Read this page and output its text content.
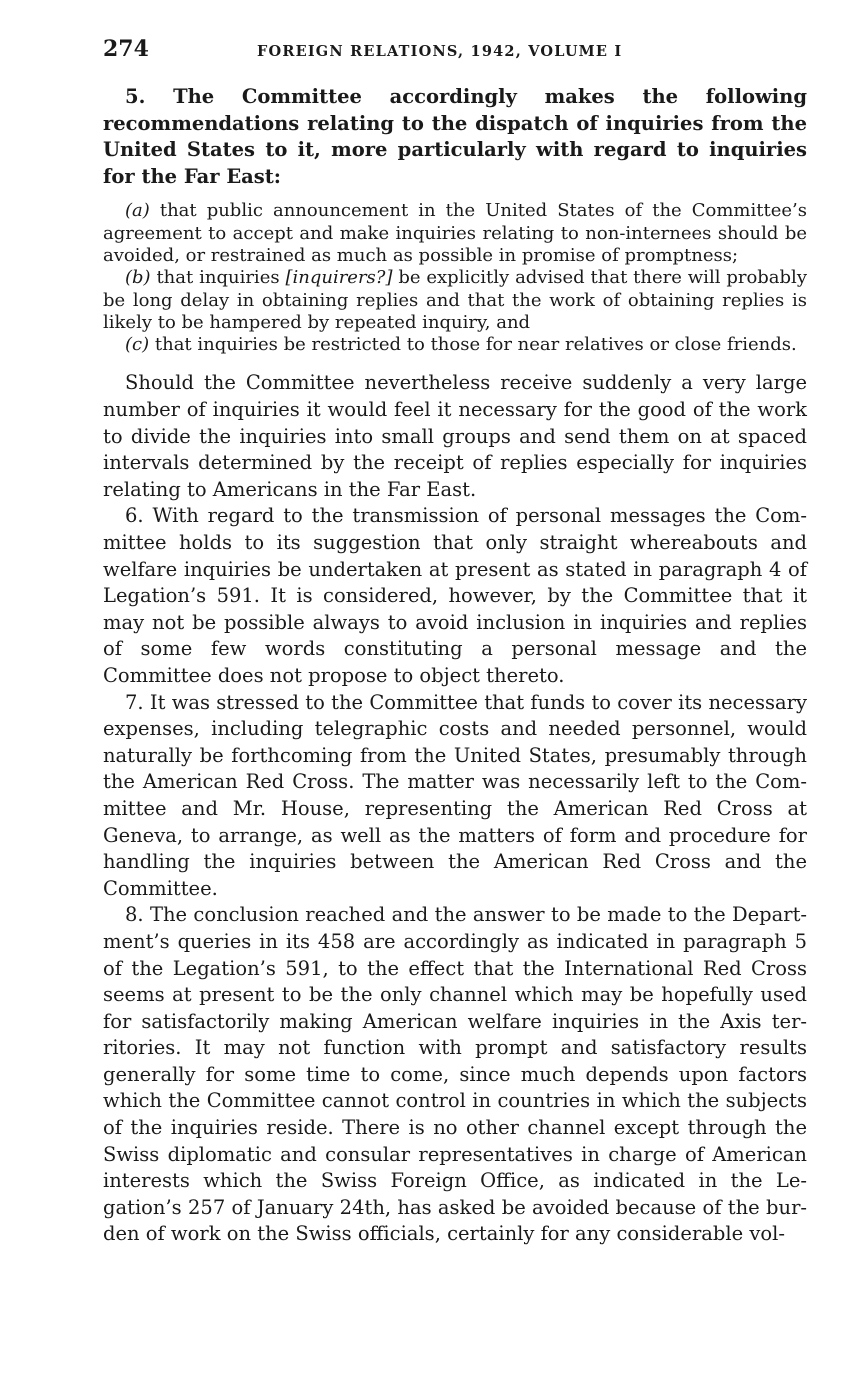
274	FOREIGN RELATIONS, 1942, VOLUME I

5. The Committee accordingly makes the following recommendations relating to the dispatch of inquiries from the United States to it, more particularly with regard to inquiries for the Far East:

(a) that public announcement in the United States of the Committee’s agreement to accept and make inquiries relating to non-internees should be avoided, or restrained as much as possible in promise of promptness;

(b) that inquiries [inquirers?] be explicitly advised that there will probably be long delay in obtaining replies and that the work of obtaining replies is likely to be hampered by repeated inquiry, and

(c) that inquiries be restricted to those for near relatives or close friends.

Should the Committee nevertheless receive suddenly a very large number of inquiries it would feel it necessary for the good of the work to divide the inquiries into small groups and send them on at spaced intervals determined by the receipt of replies especially for inquiries relating to Americans in the Far East.

6. With regard to the transmission of personal messages the Committee holds to its suggestion that only straight whereabouts and welfare inquiries be undertaken at present as stated in paragraph 4 of Legation’s 591. It is considered, however, by the Committee that it may not be possible always to avoid inclusion in inquiries and replies of some few words constituting a personal message and the Committee does not propose to object thereto.

7. It was stressed to the Committee that funds to cover its necessary expenses, including telegraphic costs and needed personnel, would naturally be forthcoming from the United States, presumably through the American Red Cross. The matter was necessarily left to the Committee and Mr. House, representing the American Red Cross at Geneva, to arrange, as well as the matters of form and procedure for handling the inquiries between the American Red Cross and the Committee.

8. The conclusion reached and the answer to be made to the Department’s queries in its 458 are accordingly as indicated in paragraph 5 of the Legation’s 591, to the effect that the International Red Cross seems at present to be the only channel which may be hopefully used for satisfactorily making American welfare inquiries in the Axis territories. It may not function with prompt and satisfactory results generally for some time to come, since much depends upon factors which the Committee cannot control in countries in which the subjects of the inquiries reside. There is no other channel except through the Swiss diplomatic and consular representatives in charge of American interests which the Swiss Foreign Office, as indicated in the Legation’s 257 of January 24th, has asked be avoided because of the burden of work on the Swiss officials, certainly for any considerable vol-
